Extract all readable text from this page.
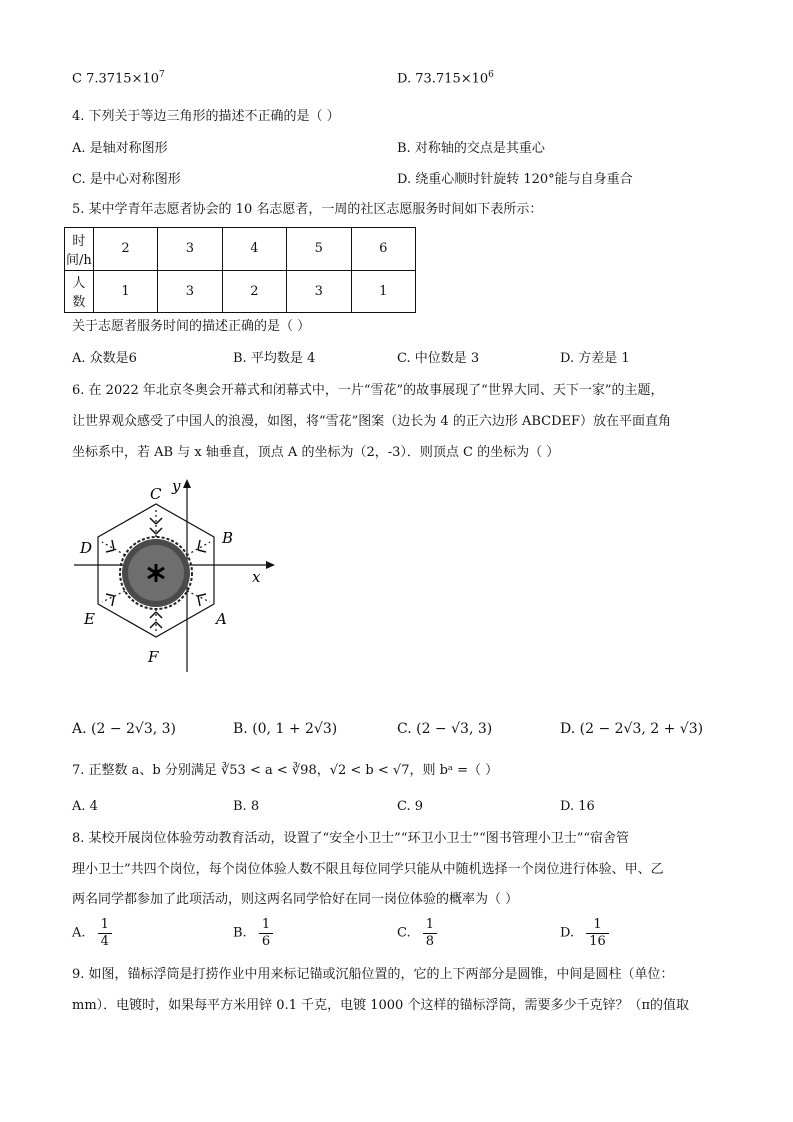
C $7.3715\times 10^7$	D. $73.715\times 10^6$
4. 下列关于等边三角形的描述不正确的是（ ）
A. 是轴对称图形	B. 对称轴的交点是其重心
C. 是中心对称图形	D. 绕重心顺时针旋转 120°能与自身重合
5. 某中学青年志愿者协会的 10 名志愿者，一周的社区志愿服务时间如下表所示：
时间/h	2	3	4	5	6
人数	1	3	2	3	1
关于志愿者服务时间的描述正确的是（ ）
A. 众数是6	B. 平均数是 4	C. 中位数是 3	D. 方差是 1
6. 在 2022 年北京冬奥会开幕式和闭幕式中，一片“雪花”的故事展现了“世界大同、天下一家”的主题，
让世界观众感受了中国人的浪漫，如图，将“雪花”图案（边长为 4 的正六边形 ABCDEF）放在平面直角
坐标系中，若 AB 与 x 轴垂直，顶点 A 的坐标为（2，-3）．则顶点 C 的坐标为（ ）
C
B
D
E	A
F
x
y
A. (2 − 2√3, 3)	B. (0, 1 + 2√3)	C. (2 − √3, 3)	D. (2 − 2√3, 2 + √3)
7. 正整数 a、b 分别满足 ∛53 < a < ∛98，√2 < b < √7，则 bᵃ =（ ）
A. 4	B. 8	C. 9	D. 16
8. 某校开展岗位体验劳动教育活动，设置了“安全小卫士”“环卫小卫士”“图书管理小卫士”“宿舍管
理小卫士”共四个岗位，每个岗位体验人数不限且每位同学只能从中随机选择一个岗位进行体验、甲、乙
两名同学都参加了此项活动，则这两名同学恰好在同一岗位体验的概率为（ ）
A. $\frac{1}{4}$	B. $\frac{1}{6}$	C. $\frac{1}{8}$	D. $\frac{1}{16}$
9. 如图，锚标浮筒是打捞作业中用来标记锚或沉船位置的，它的上下两部分是圆锥，中间是圆柱（单位：
mm）．电镀时，如果每平方米用锌 0.1 千克，电镀 1000 个这样的锚标浮筒，需要多少千克锌？（π的值取
